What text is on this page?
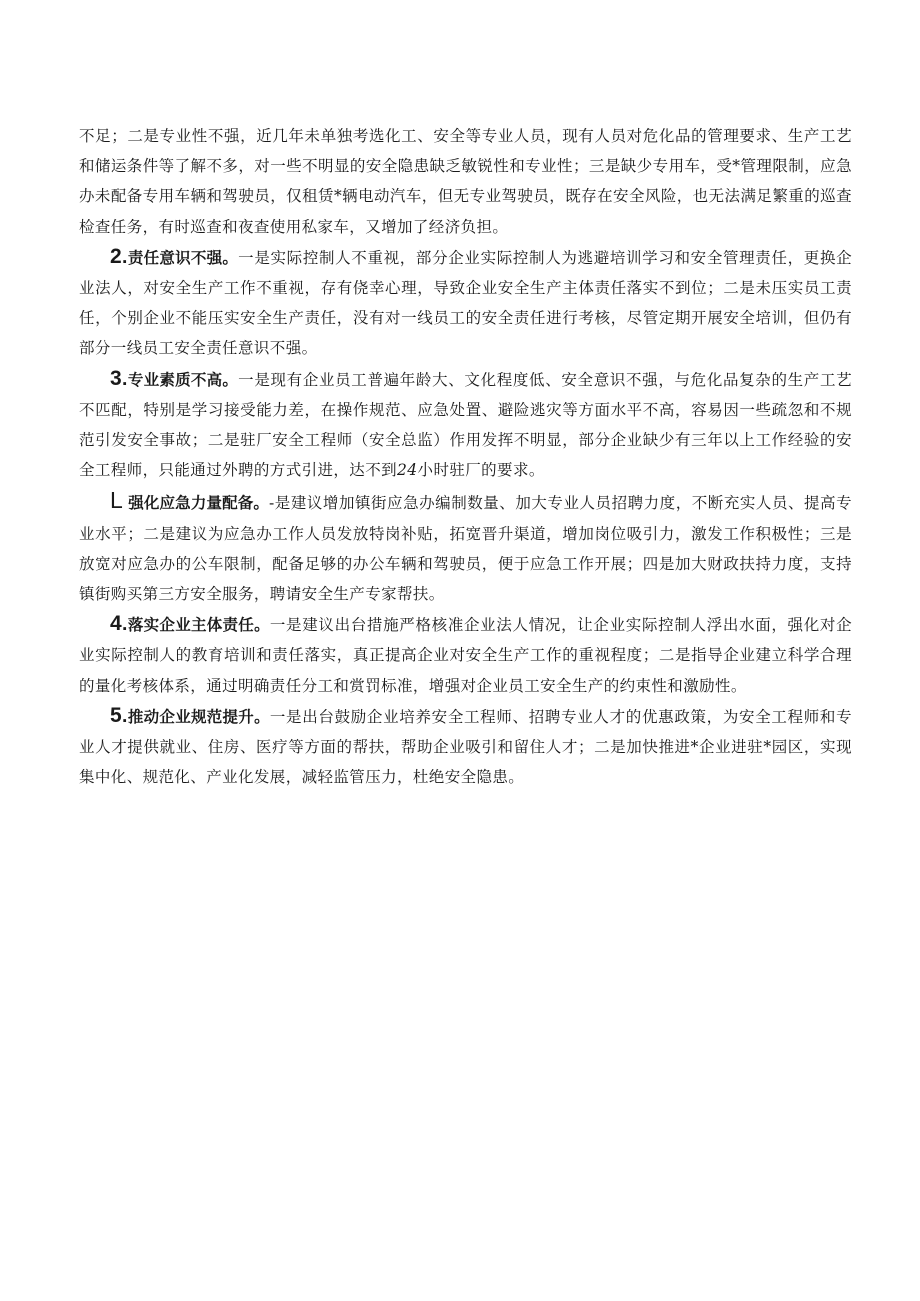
不足；二是专业性不强，近几年未单独考选化工、安全等专业人员，现有人员对危化品的管理要求、生产工艺和储运条件等了解不多，对一些不明显的安全隐患缺乏敏锐性和专业性；三是缺少专用车，受*管理限制，应急办未配备专用车辆和驾驶员，仅租赁*辆电动汽车，但无专业驾驶员，既存在安全风险，也无法满足繁重的巡查检查任务，有时巡查和夜查使用私家车，又增加了经济负担。

2.责任意识不强。一是实际控制人不重视，部分企业实际控制人为逃避培训学习和安全管理责任，更换企业法人，对安全生产工作不重视，存有侥幸心理，导致企业安全生产主体责任落实不到位；二是未压实员工责任，个别企业不能压实安全生产责任，没有对一线员工的安全责任进行考核，尽管定期开展安全培训，但仍有部分一线员工安全责任意识不强。

3.专业素质不高。一是现有企业员工普遍年龄大、文化程度低、安全意识不强，与危化品复杂的生产工艺不匹配，特别是学习接受能力差，在操作规范、应急处置、避险逃灾等方面水平不高，容易因一些疏忽和不规范引发安全事故；二是驻厂安全工程师（安全总监）作用发挥不明显，部分企业缺少有三年以上工作经验的安全工程师，只能通过外聘的方式引进，达不到24小时驻厂的要求。

L 强化应急力量配备。-是建议增加镇街应急办编制数量、加大专业人员招聘力度，不断充实人员、提高专业水平；二是建议为应急办工作人员发放特岗补贴，拓宽晋升渠道，增加岗位吸引力，激发工作积极性；三是放宽对应急办的公车限制，配备足够的办公车辆和驾驶员，便于应急工作开展；四是加大财政扶持力度，支持镇街购买第三方安全服务，聘请安全生产专家帮扶。

4.落实企业主体责任。一是建议出台措施严格核准企业法人情况，让企业实际控制人浮出水面，强化对企业实际控制人的教育培训和责任落实，真正提高企业对安全生产工作的重视程度；二是指导企业建立科学合理的量化考核体系，通过明确责任分工和赏罚标准，增强对企业员工安全生产的约束性和激励性。

5.推动企业规范提升。一是出台鼓励企业培养安全工程师、招聘专业人才的优惠政策，为安全工程师和专业人才提供就业、住房、医疗等方面的帮扶，帮助企业吸引和留住人才；二是加快推进*企业进驻*园区，实现集中化、规范化、产业化发展，减轻监管压力，杜绝安全隐患。
